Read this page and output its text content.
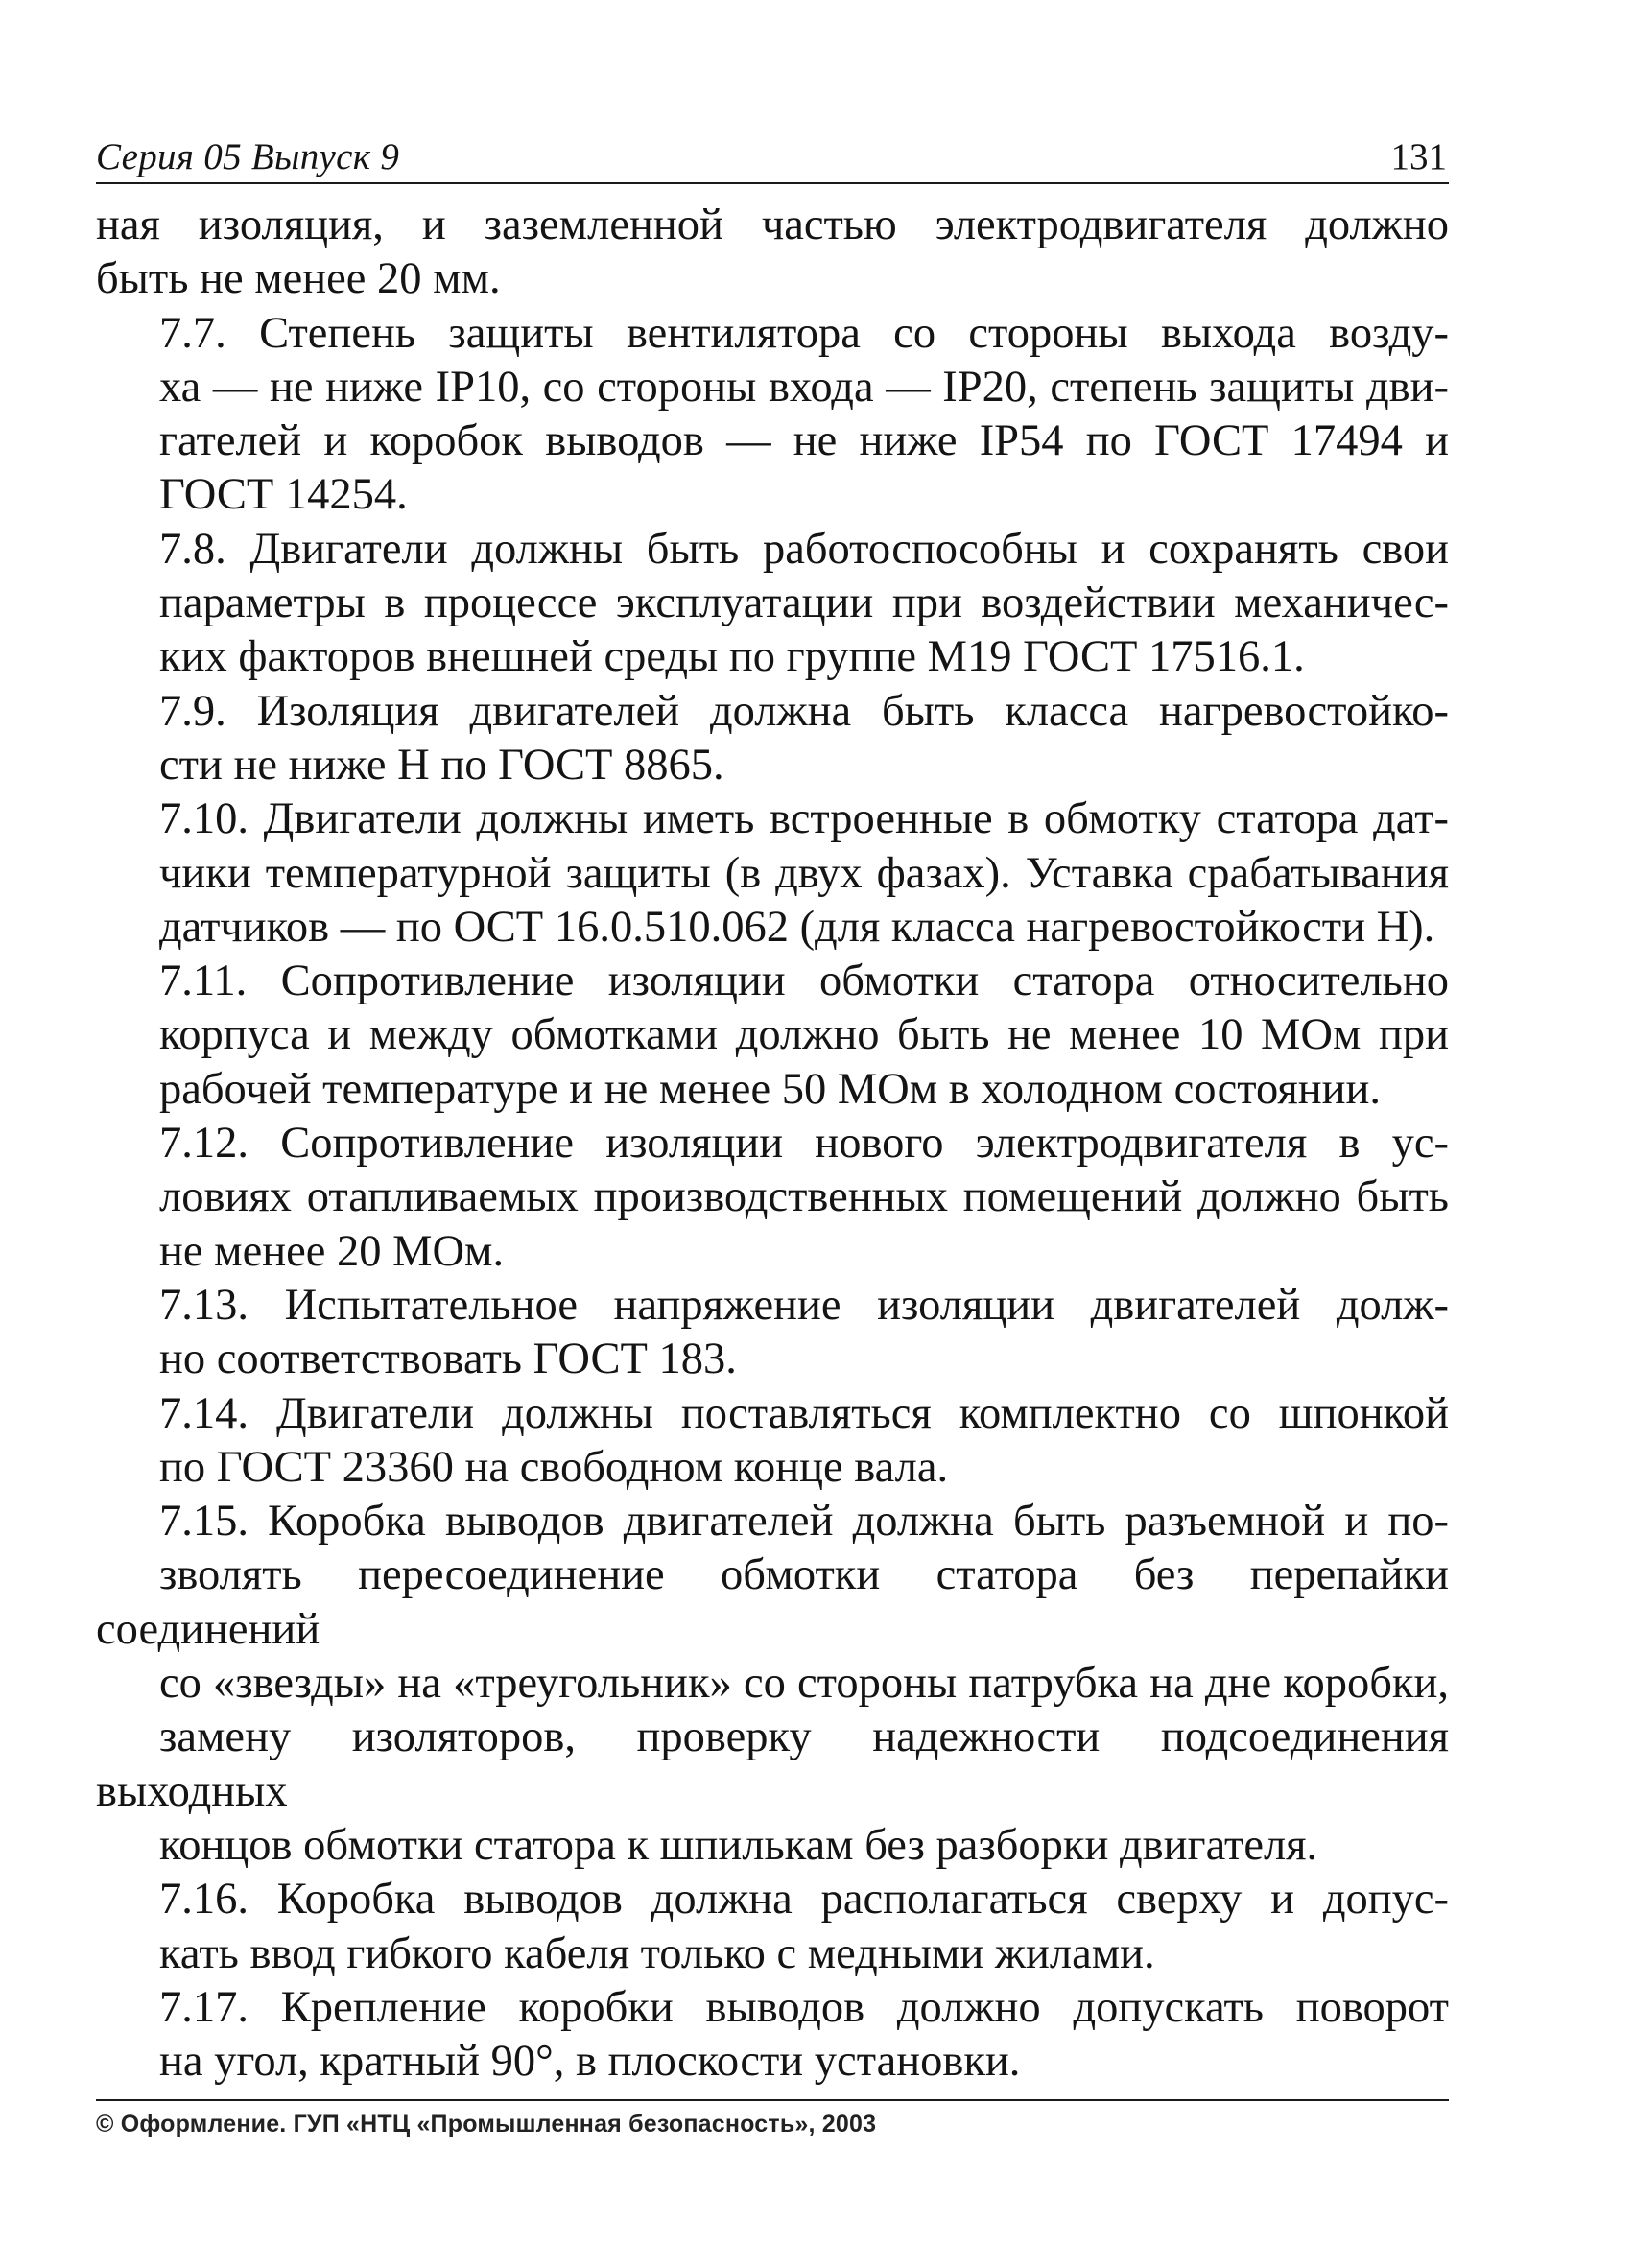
Серия 05 Выпуск 9	131

ная изоляция, и заземленной частью электродвигателя должно
быть не менее 20 мм.

7.7. Степень защиты вентилятора со стороны выхода возду-
ха — не ниже IP10, со стороны входа — IP20, степень защиты дви-
гателей и коробок выводов — не ниже IP54 по ГОСТ 17494 и
ГОСТ 14254.

7.8. Двигатели должны быть работоспособны и сохранять свои
параметры в процессе эксплуатации при воздействии механичес-
ких факторов внешней среды по группе М19 ГОСТ 17516.1.

7.9. Изоляция двигателей должна быть класса нагревостойко-
сти не ниже Н по ГОСТ 8865.

7.10. Двигатели должны иметь встроенные в обмотку статора дат-
чики температурной защиты (в двух фазах). Уставка срабатывания
датчиков — по ОСТ 16.0.510.062 (для класса нагревостойкости Н).

7.11. Сопротивление изоляции обмотки статора относительно
корпуса и между обмотками должно быть не менее 10 МОм при
рабочей температуре и не менее 50 МОм в холодном состоянии.

7.12. Сопротивление изоляции нового электродвигателя в ус-
ловиях отапливаемых производственных помещений должно быть
не менее 20 МОм.

7.13. Испытательное напряжение изоляции двигателей долж-
но соответствовать ГОСТ 183.

7.14. Двигатели должны поставляться комплектно со шпонкой
по ГОСТ 23360 на свободном конце вала.

7.15. Коробка выводов двигателей должна быть разъемной и по-
зволять пересоединение обмотки статора без перепайки соединений
со «звезды» на «треугольник» со стороны патрубка на дне коробки,
замену изоляторов, проверку надежности подсоединения выходных
концов обмотки статора к шпилькам без разборки двигателя.

7.16. Коробка выводов должна располагаться сверху и допус-
кать ввод гибкого кабеля только с медными жилами.

7.17. Крепление коробки выводов должно допускать поворот
на угол, кратный 90°, в плоскости установки.

© Оформление. ГУП «НТЦ «Промышленная безопасность», 2003
